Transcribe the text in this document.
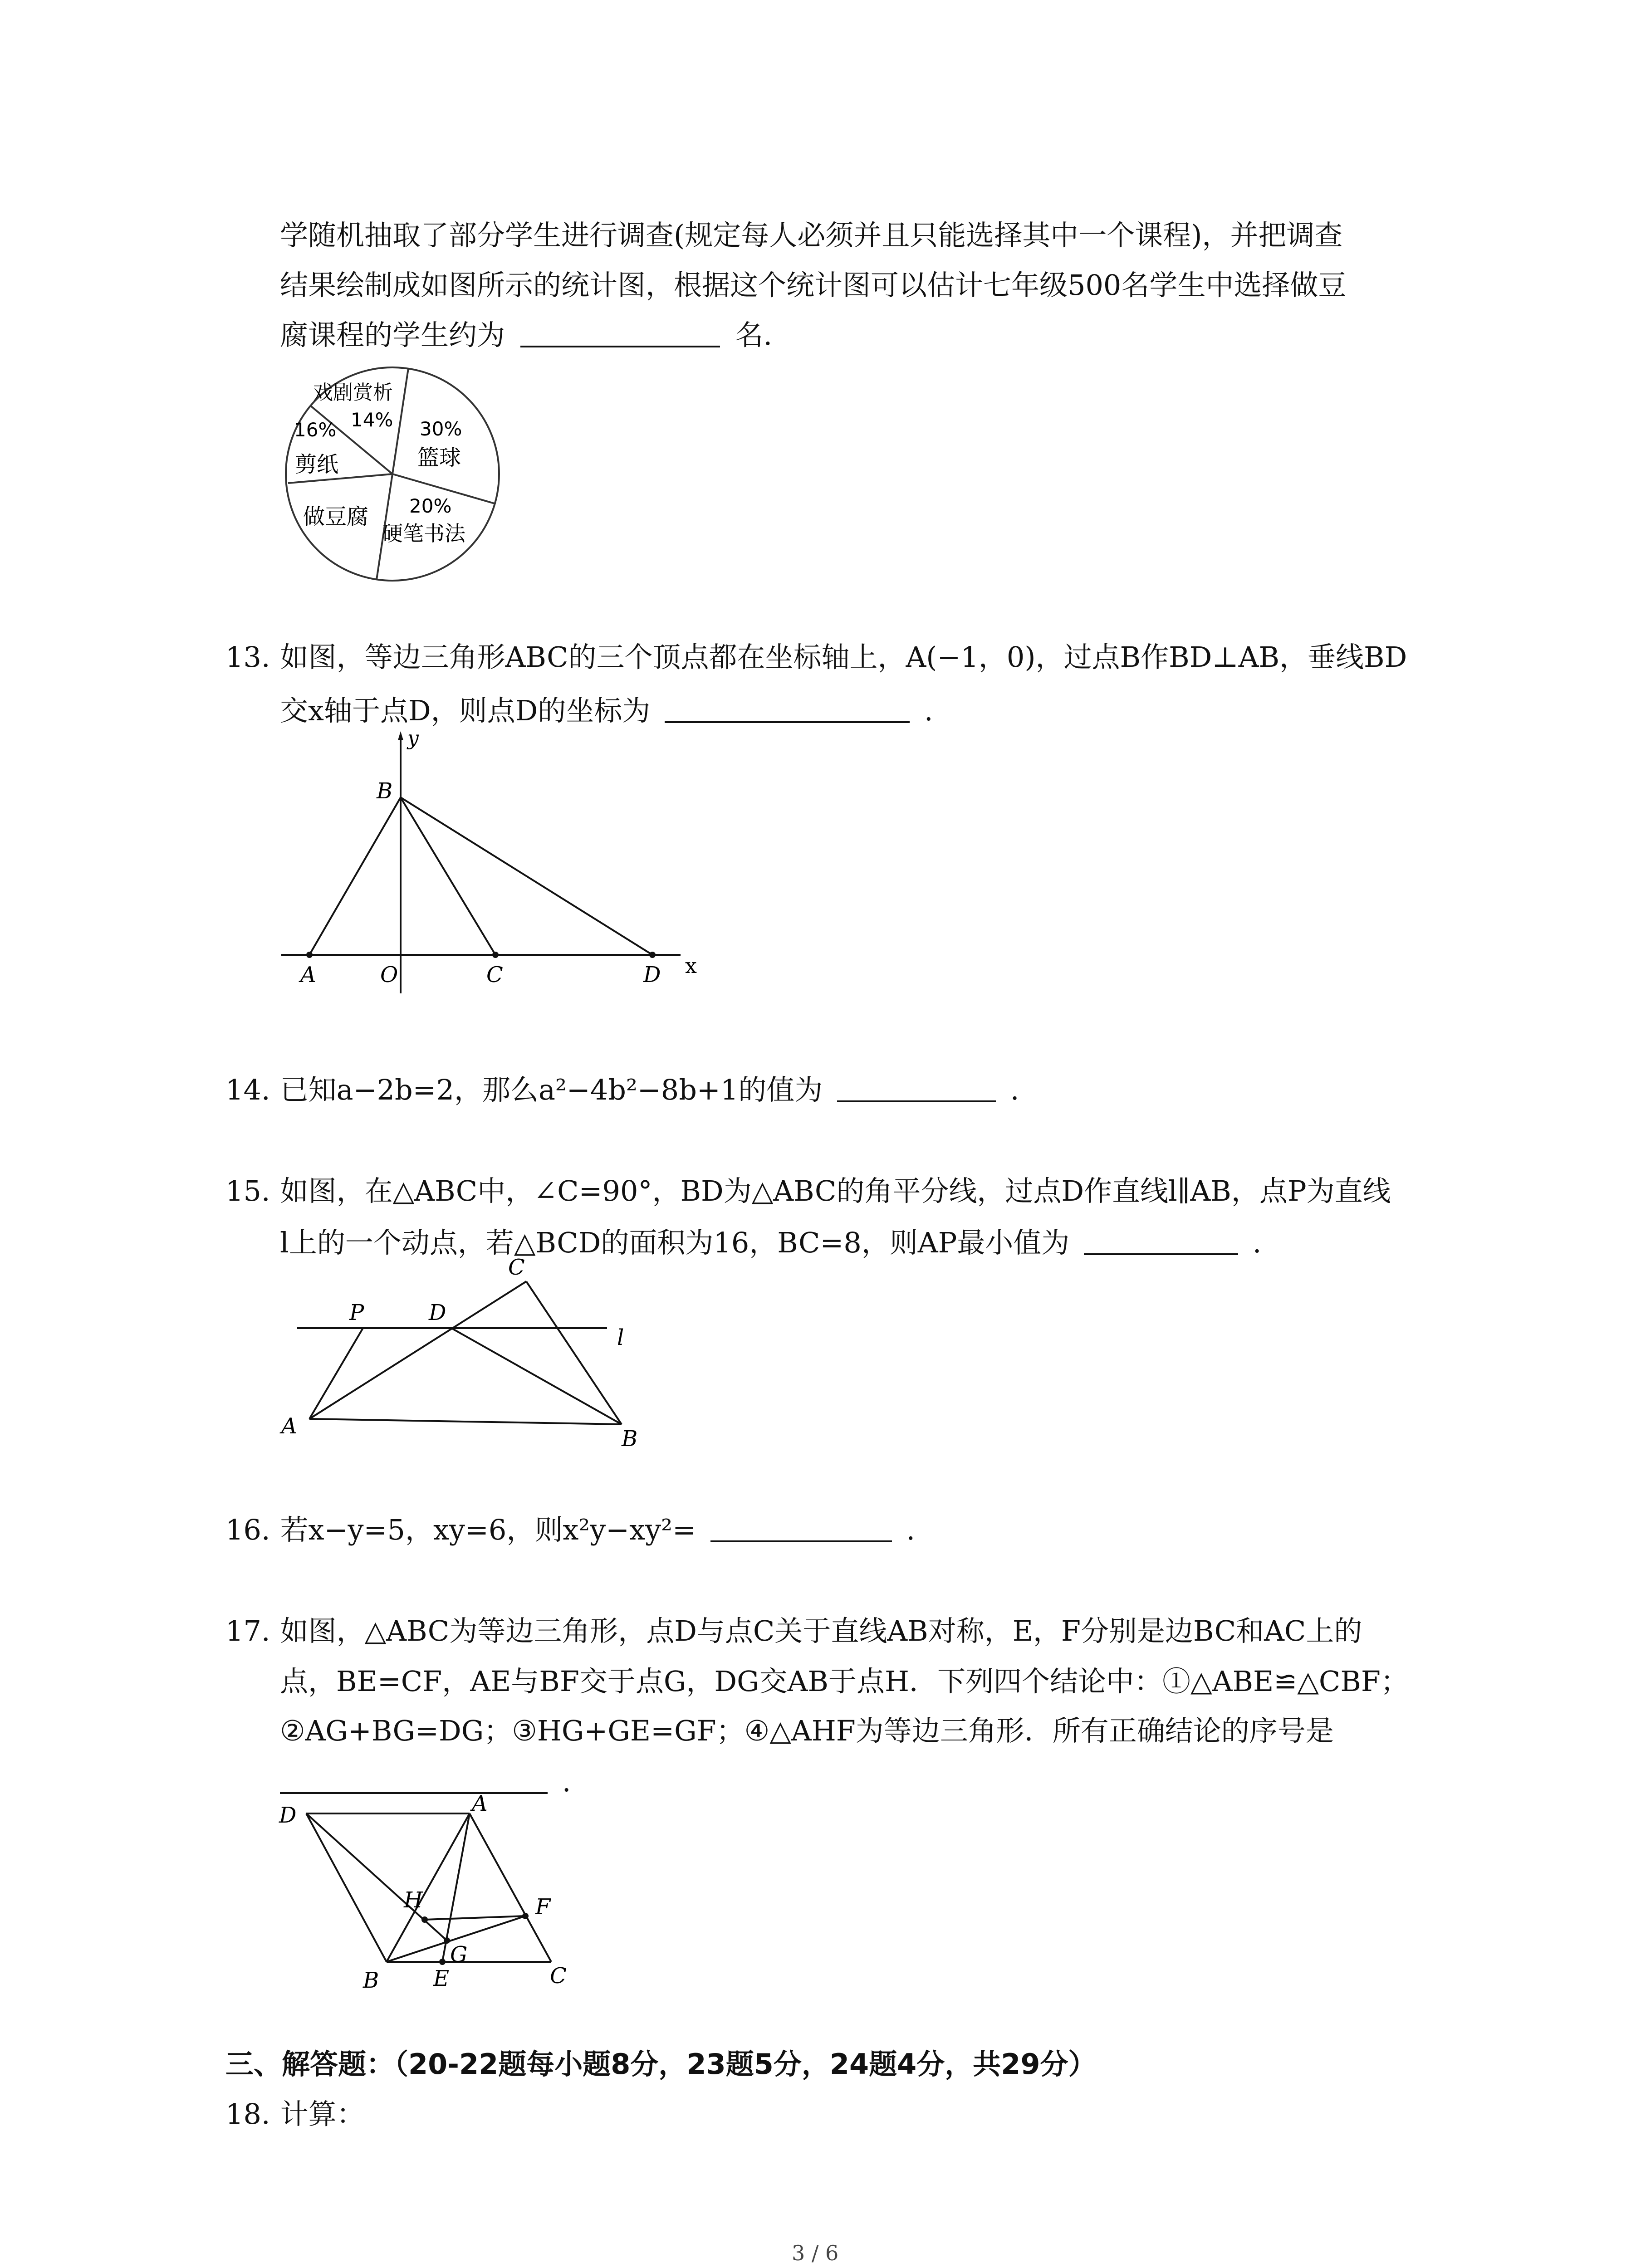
学随机抽取了部分学生进行调查(规定每人必须并且只能选择其中一个课程)，并把调查
结果绘制成如图所示的统计图，根据这个统计图可以估计七年级500名学生中选择做豆
腐课程的学生约为	名.
戏剧赏析
14%
16%
剪纸
30%
篮球
做豆腐 20%
硬笔书法
13. 如图，等边三角形ABC的三个顶点都在坐标轴上，A(−1，0)，过点B作BD⊥AB，垂线BD
交x轴于点D，则点D的坐标为	.
y
B
A	O	C	D x
14. 已知a−2b=2，那么a²−4b²−8b+1的值为	.
15. 如图，在△ABC中，∠C=90°，BD为△ABC的角平分线，过点D作直线l∥AB，点P为直线
l上的一个动点，若△BCD的面积为16，BC=8，则AP最小值为	.
C
P	D
l
A	B
16. 若x−y=5，xy=6，则x²y−xy²=	.
17. 如图，△ABC为等边三角形，点D与点C关于直线AB对称，E，F分别是边BC和AC上的
点，BE=CF，AE与BF交于点G，DG交AB于点H．下列四个结论中：①△ABE≌△CBF；
②AG+BG=DG；③HG+GE=GF；④△AHF为等边三角形．所有正确结论的序号是
.
D	A
H	F
G
B E	C
三、解答题：（20-22题每小题8分，23题5分，24题4分，共29分）
18. 计算：
3 / 6
